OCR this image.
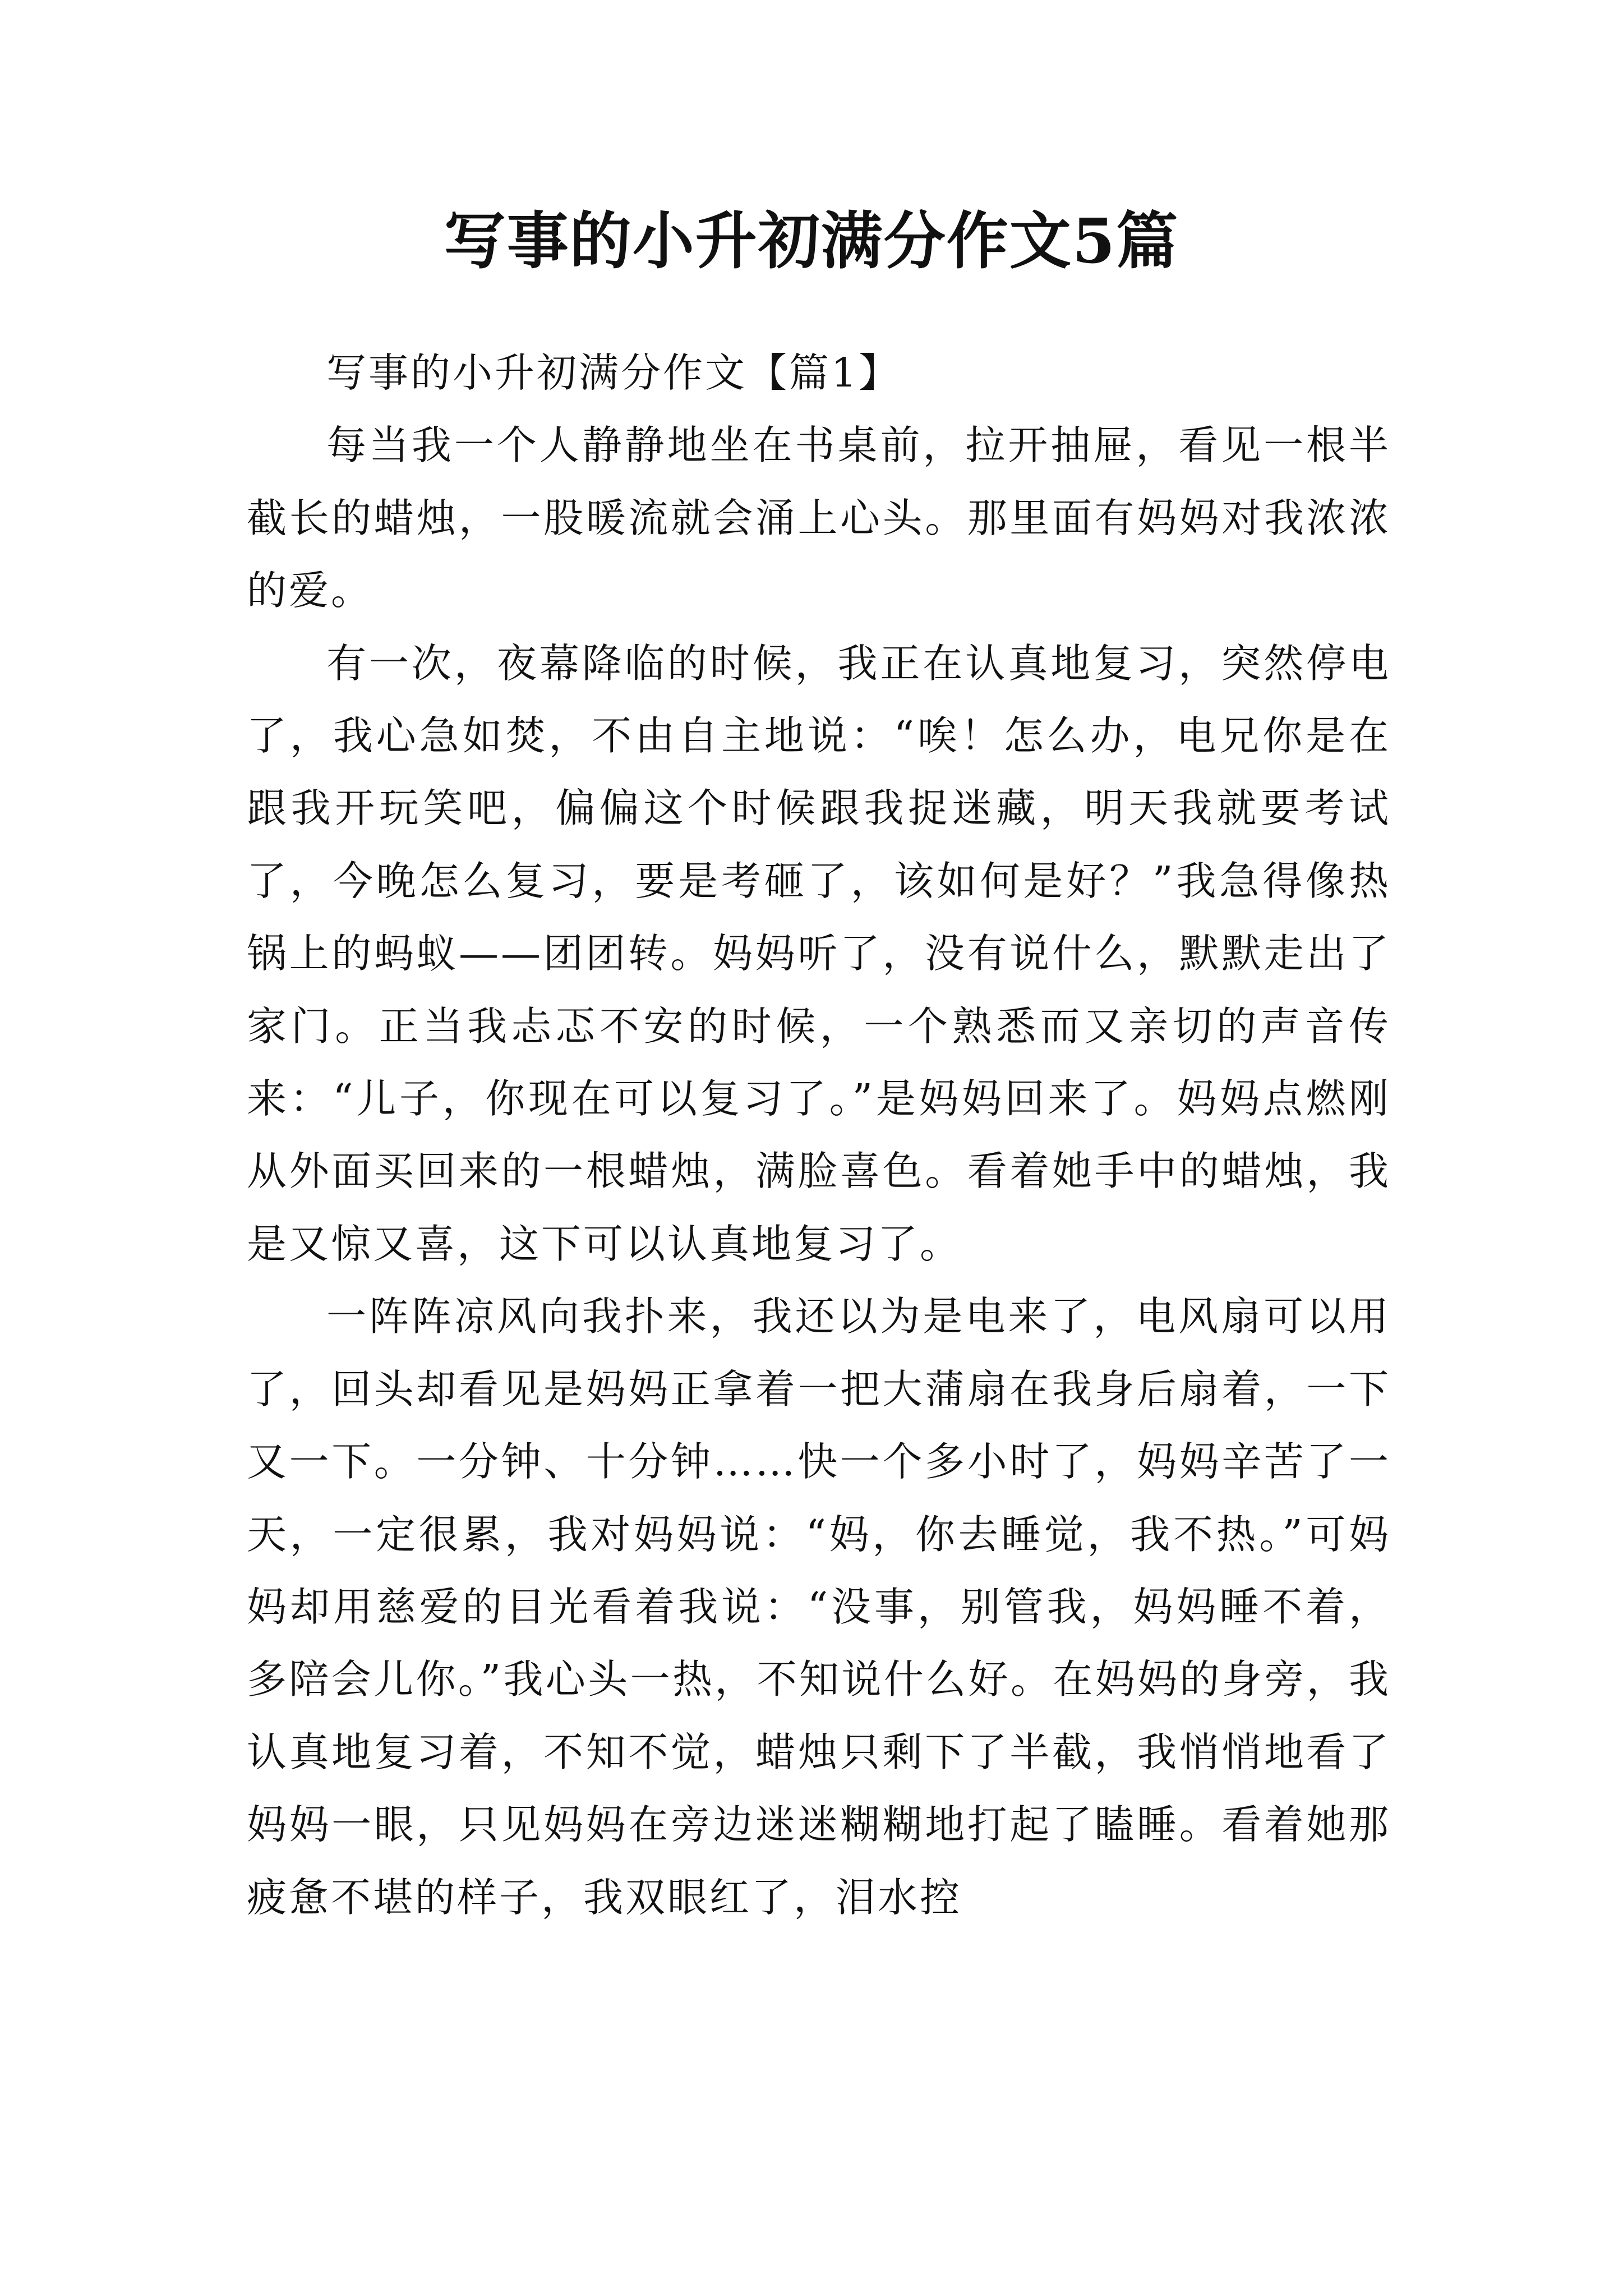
写事的小升初满分作文5篇

写事的小升初满分作文【篇1】

每当我一个人静静地坐在书桌前，拉开抽屉，看见一根半截长的蜡烛，一股暖流就会涌上心头。那里面有妈妈对我浓浓的爱。

有一次，夜幕降临的时候，我正在认真地复习，突然停电了，我心急如焚，不由自主地说：“唉！怎么办，电兄你是在跟我开玩笑吧，偏偏这个时候跟我捉迷藏，明天我就要考试了，今晚怎么复习，要是考砸了，该如何是好？”我急得像热锅上的蚂蚁——团团转。妈妈听了，没有说什么，默默走出了家门。正当我忐忑不安的时候，一个熟悉而又亲切的声音传来：“儿子，你现在可以复习了。”是妈妈回来了。妈妈点燃刚从外面买回来的一根蜡烛，满脸喜色。看着她手中的蜡烛，我是又惊又喜，这下可以认真地复习了。

一阵阵凉风向我扑来，我还以为是电来了，电风扇可以用了，回头却看见是妈妈正拿着一把大蒲扇在我身后扇着，一下又一下。一分钟、十分钟……快一个多小时了，妈妈辛苦了一天，一定很累，我对妈妈说：“妈，你去睡觉，我不热。”可妈妈却用慈爱的目光看着我说：“没事，别管我，妈妈睡不着，多陪会儿你。”我心头一热，不知说什么好。在妈妈的身旁，我认真地复习着，不知不觉，蜡烛只剩下了半截，我悄悄地看了妈妈一眼，只见妈妈在旁边迷迷糊糊地打起了瞌睡。看着她那疲惫不堪的样子，我双眼红了，泪水控
